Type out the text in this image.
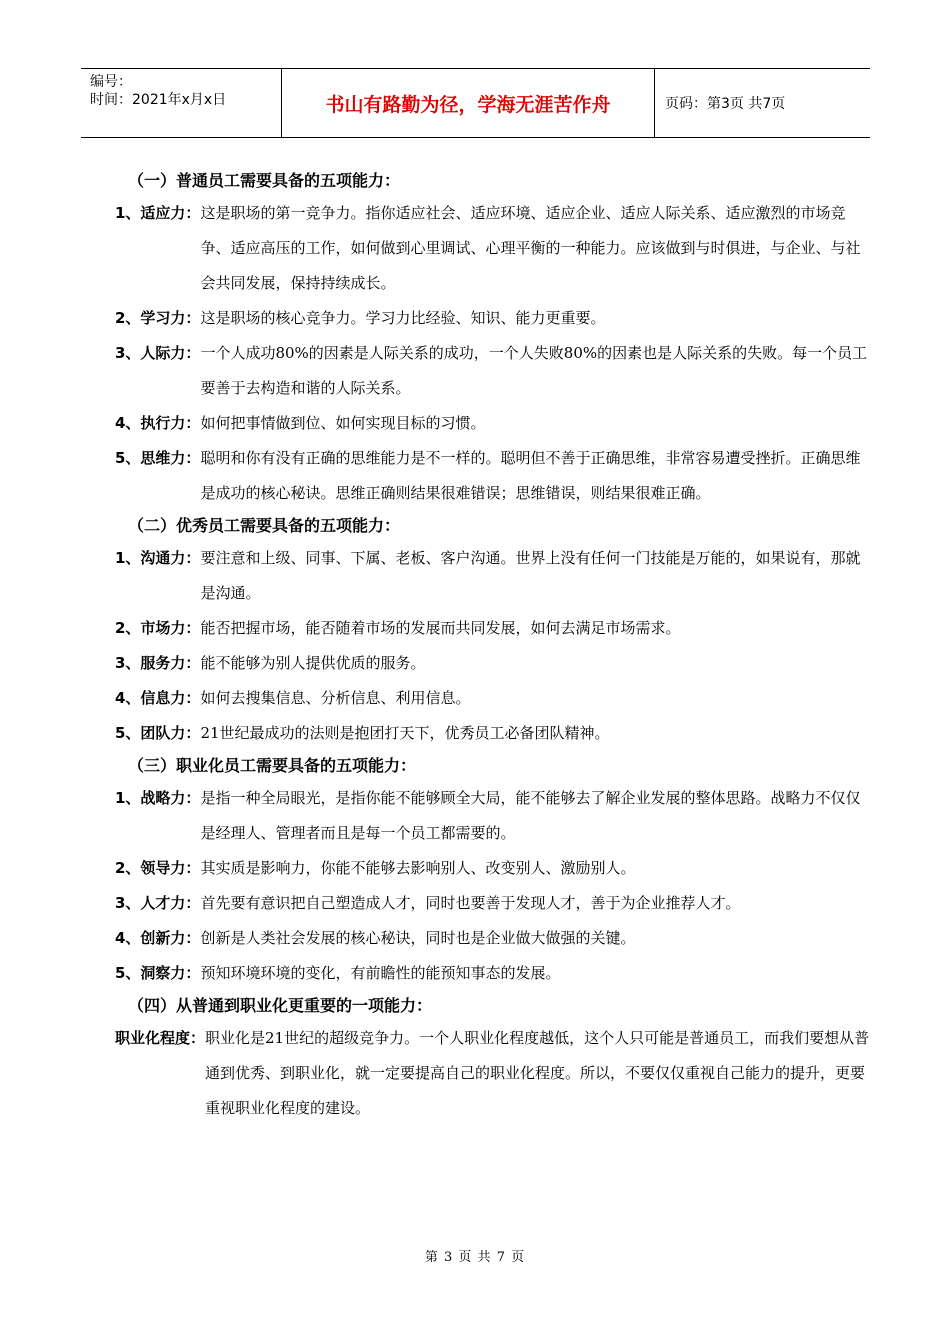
编号：
时间：2021年x月x日	书山有路勤为径，学海无涯苦作舟	页码：第3页 共7页
（一）普通员工需要具备的五项能力：
1、适应力： 这是职场的第一竞争力。指你适应社会、适应环境、适应企业、适应人际关系、适应激烈的市场竞争、适应高压的工作，如何做到心里调试、心理平衡的一种能力。应该做到与时俱进，与企业、与社会共同发展，保持持续成长。
2、学习力： 这是职场的核心竞争力。学习力比经验、知识、能力更重要。
3、人际力： 一个人成功80%的因素是人际关系的成功，一个人失败80%的因素也是人际关系的失败。每一个员工要善于去构造和谐的人际关系。
4、执行力： 如何把事情做到位、如何实现目标的习惯。
5、思维力： 聪明和你有没有正确的思维能力是不一样的。聪明但不善于正确思维，非常容易遭受挫折。正确思维是成功的核心秘诀。思维正确则结果很难错误；思维错误，则结果很难正确。
（二）优秀员工需要具备的五项能力：
1、沟通力： 要注意和上级、同事、下属、老板、客户沟通。世界上没有任何一门技能是万能的，如果说有，那就是沟通。
2、市场力： 能否把握市场，能否随着市场的发展而共同发展，如何去满足市场需求。
3、服务力： 能不能够为别人提供优质的服务。
4、信息力： 如何去搜集信息、分析信息、利用信息。
5、团队力： 21世纪最成功的法则是抱团打天下，优秀员工必备团队精神。
（三）职业化员工需要具备的五项能力：
1、战略力： 是指一种全局眼光，是指你能不能够顾全大局，能不能够去了解企业发展的整体思路。战略力不仅仅是经理人、管理者而且是每一个员工都需要的。
2、领导力： 其实质是影响力，你能不能够去影响别人、改变别人、激励别人。
3、人才力： 首先要有意识把自己塑造成人才，同时也要善于发现人才，善于为企业推荐人才。
4、创新力： 创新是人类社会发展的核心秘诀，同时也是企业做大做强的关键。
5、洞察力： 预知环境环境的变化，有前瞻性的能预知事态的发展。
（四）从普通到职业化更重要的一项能力：
职业化程度： 职业化是21世纪的超级竞争力。一个人职业化程度越低，这个人只可能是普通员工，而我们要想从普通到优秀、到职业化，就一定要提高自己的职业化程度。所以，不要仅仅重视自己能力的提升，更要重视职业化程度的建设。
第 3 页 共 7 页
